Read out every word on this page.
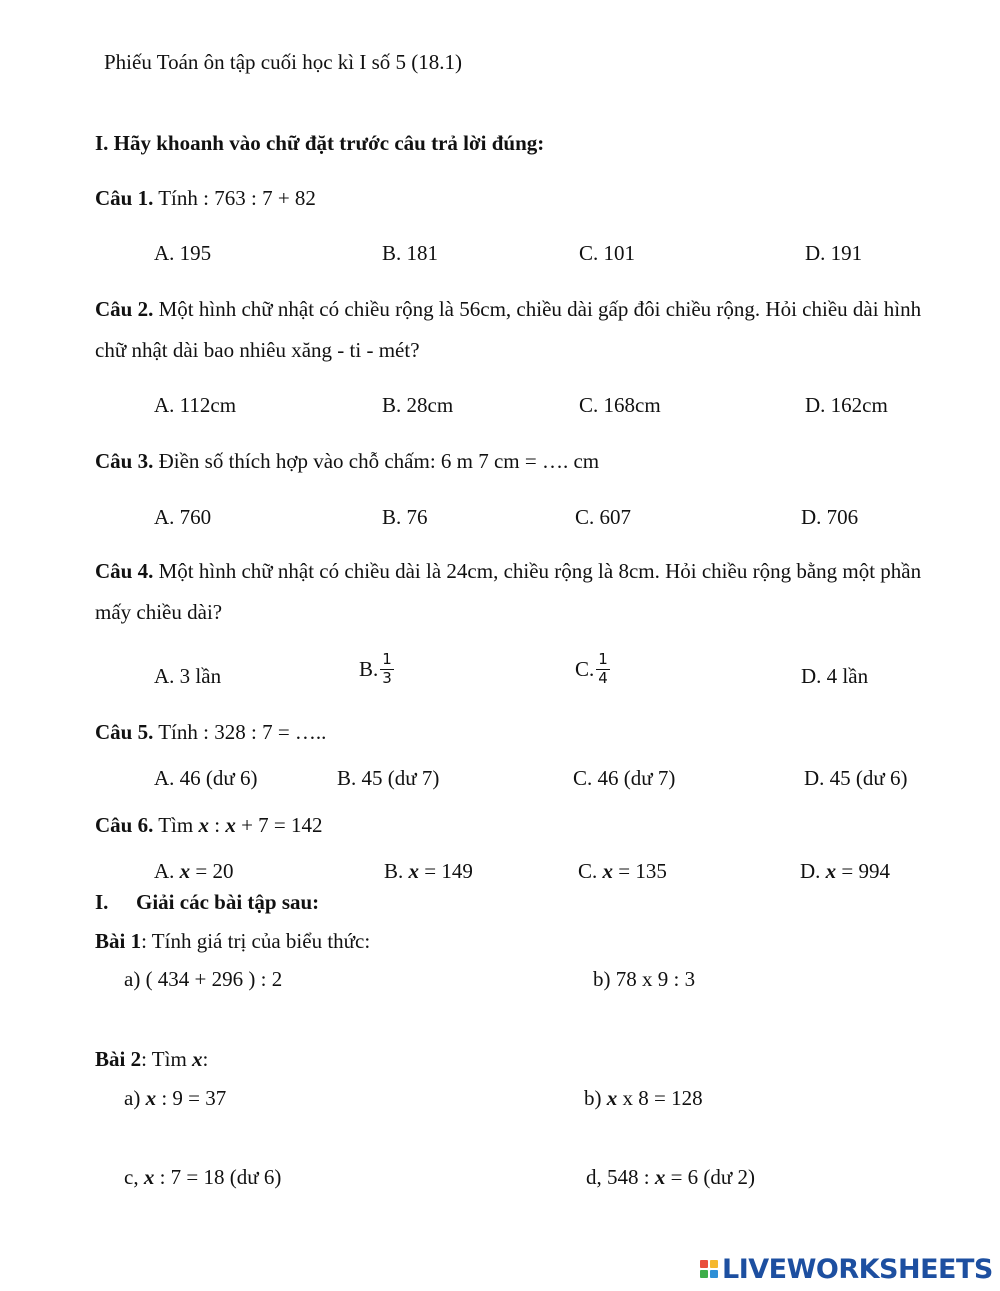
Phiếu Toán ôn tập cuối học kì I số 5 (18.1)
I. Hãy khoanh vào chữ đặt trước câu trả lời đúng:
Câu 1. Tính : 763 : 7 + 82
A. 195	B. 181	C. 101	D. 191
Câu 2. Một hình chữ nhật có chiều rộng là 56cm, chiều dài gấp đôi chiều rộng. Hỏi chiều dài hình chữ nhật dài bao nhiêu xăng - ti - mét?
A. 112cm	B. 28cm	C. 168cm	D. 162cm
Câu 3. Điền số thích hợp vào chỗ chấm: 6 m 7 cm = …. cm
A. 760	B. 76	C. 607	D. 706
Câu 4. Một hình chữ nhật có chiều dài là 24cm, chiều rộng là 8cm. Hỏi chiều rộng bằng một phần mấy chiều dài?
A. 3 lần	B. $\frac{1}{3}$	C. $\frac{1}{4}$	D. 4 lần
Câu 5. Tính : 328 : 7 = …..
A. 46 (dư 6)	B. 45 (dư 7)	C. 46 (dư 7)	D. 45 (dư 6)
Câu 6. Tìm x : x + 7 = 142
A. x = 20	B. x = 149	C. x = 135	D. x = 994
I. Giải các bài tập sau:
Bài 1: Tính giá trị của biểu thức:
a) ( 434 + 296 ) : 2	b) 78 x 9 : 3
Bài 2: Tìm x:
a) x : 9 = 37	b) x x 8 = 128
c, x : 7 = 18 (dư 6)	d, 548 : x = 6 (dư 2)
LIVEWORKSHEETS
